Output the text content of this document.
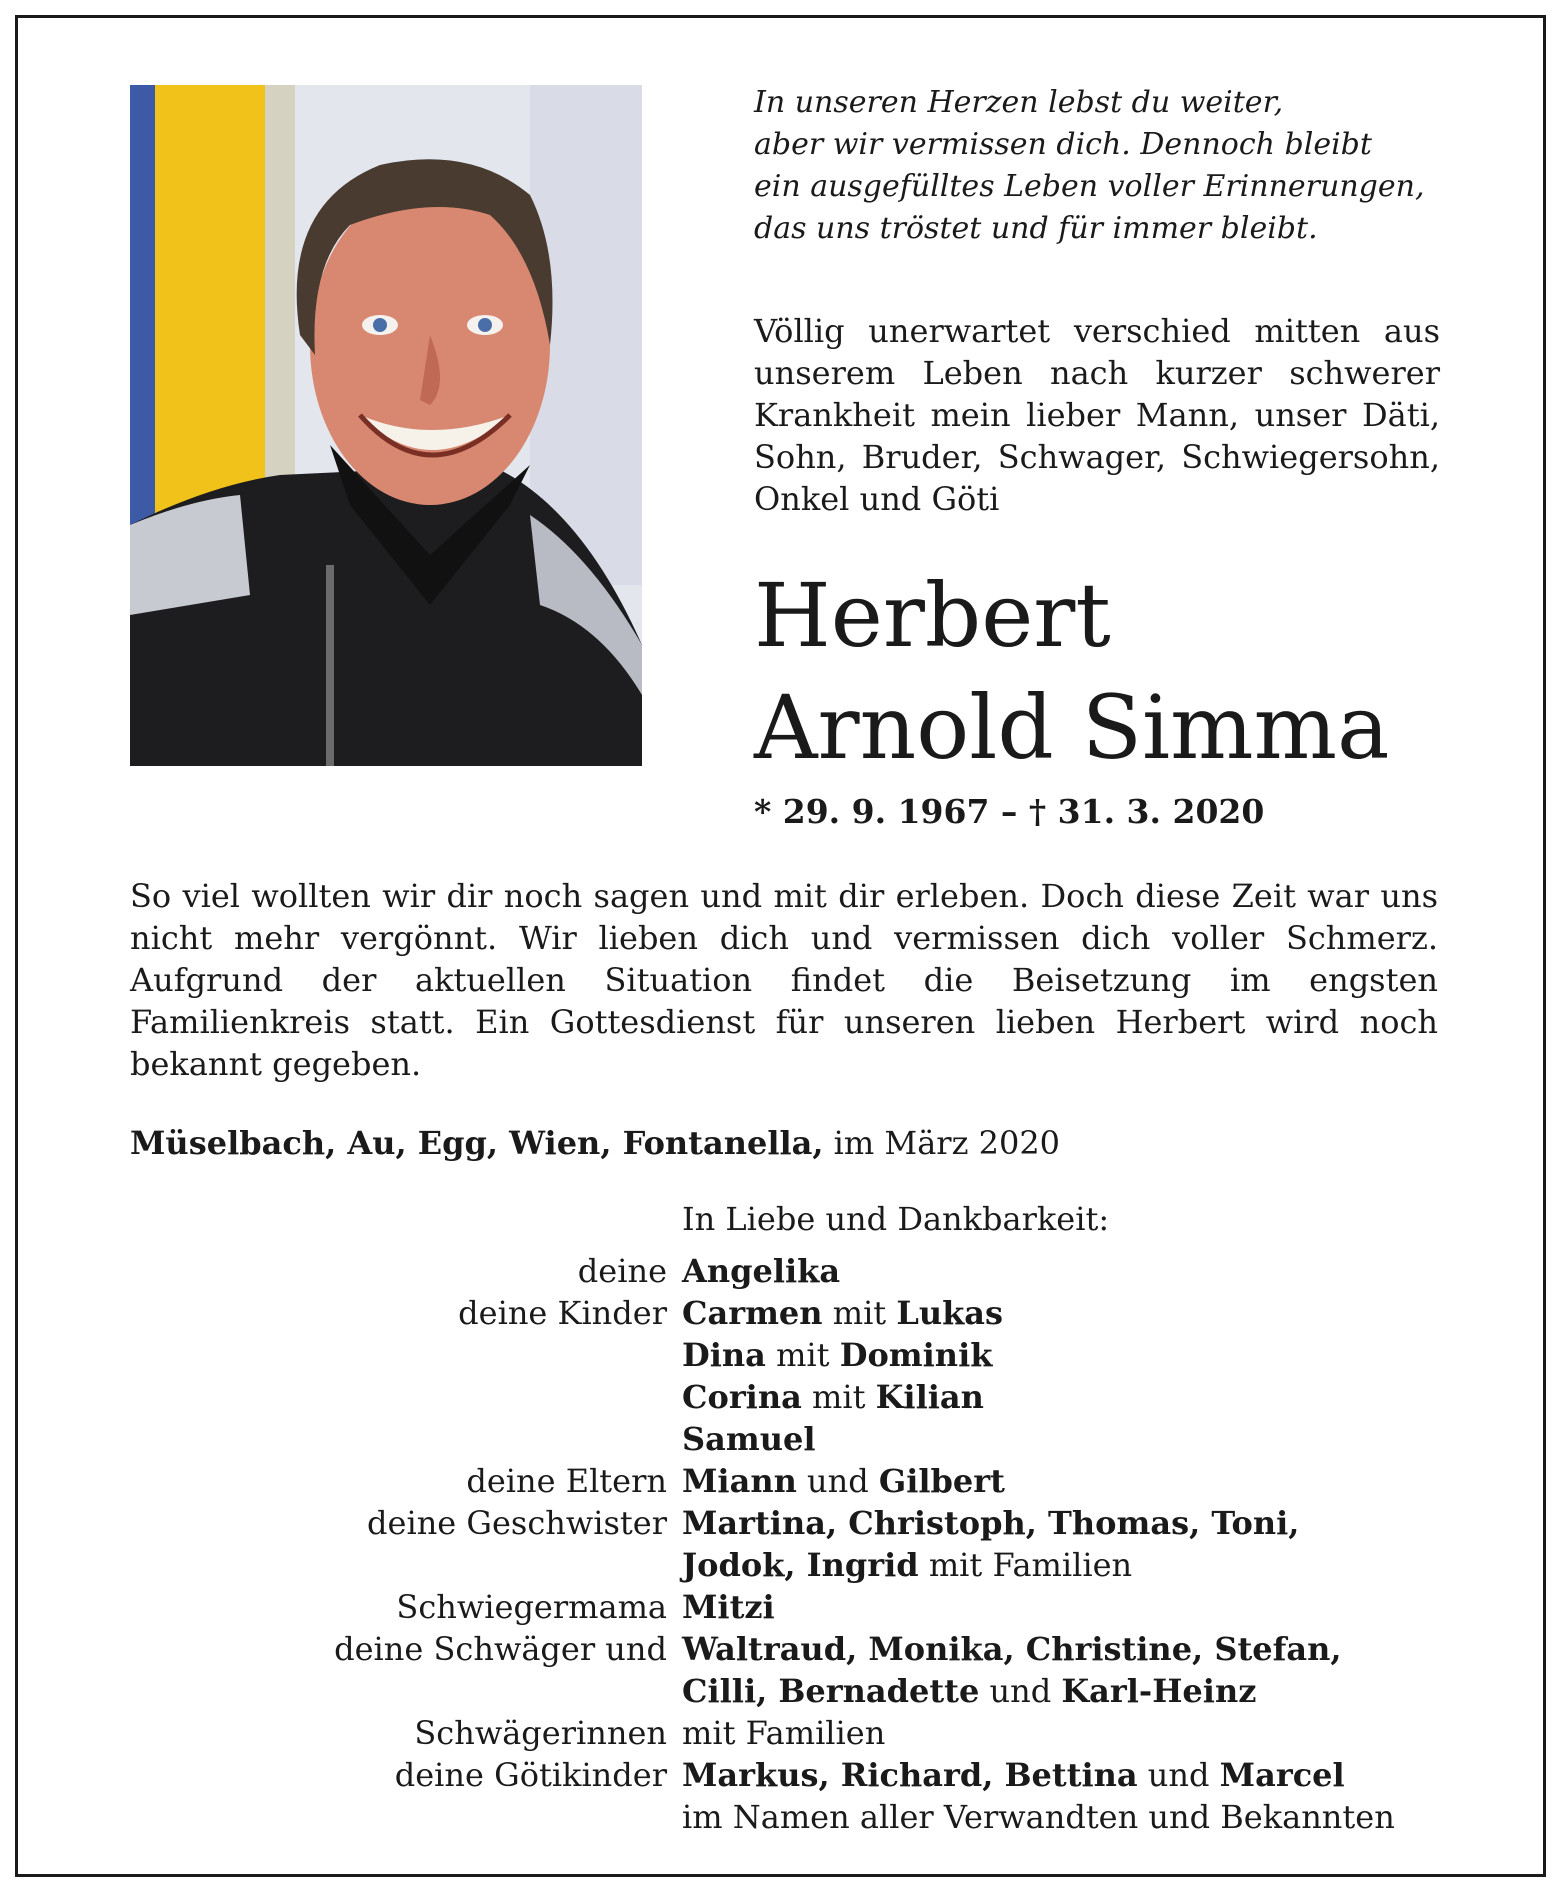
In unseren Herzen lebst du weiter,
aber wir vermissen dich. Dennoch bleibt
ein ausgefülltes Leben voller Erinnerungen,
das uns tröstet und für immer bleibt.
Völlig unerwartet verschied mitten aus unserem Leben nach kurzer schwerer Krankheit mein lieber Mann, unser Däti, Sohn, Bruder, Schwager, Schwiegersohn, Onkel und Göti
Herbert
Arnold Simma
* 29. 9. 1967 – † 31. 3. 2020
So viel wollten wir dir noch sagen und mit dir erleben. Doch diese Zeit war uns nicht mehr vergönnt. Wir lieben dich und vermissen dich voller Schmerz. Aufgrund der aktuellen Situation findet die Beisetzung im engsten Familienkreis statt. Ein Gottesdienst für unseren lieben Herbert wird noch bekannt gegeben.
Müselbach, Au, Egg, Wien, Fontanella, im März 2020
In Liebe und Dankbarkeit:
deine Angelika
deine Kinder Carmen mit Lukas
Dina mit Dominik
Corina mit Kilian
Samuel
deine Eltern Miann und Gilbert
deine Geschwister Martina, Christoph, Thomas, Toni,
Jodok, Ingrid mit Familien
Schwiegermama Mitzi
deine Schwäger und Waltraud, Monika, Christine, Stefan,
Cilli, Bernadette und Karl-Heinz
Schwägerinnen mit Familien
deine Götikinder Markus, Richard, Bettina und Marcel
im Namen aller Verwandten und Bekannten
